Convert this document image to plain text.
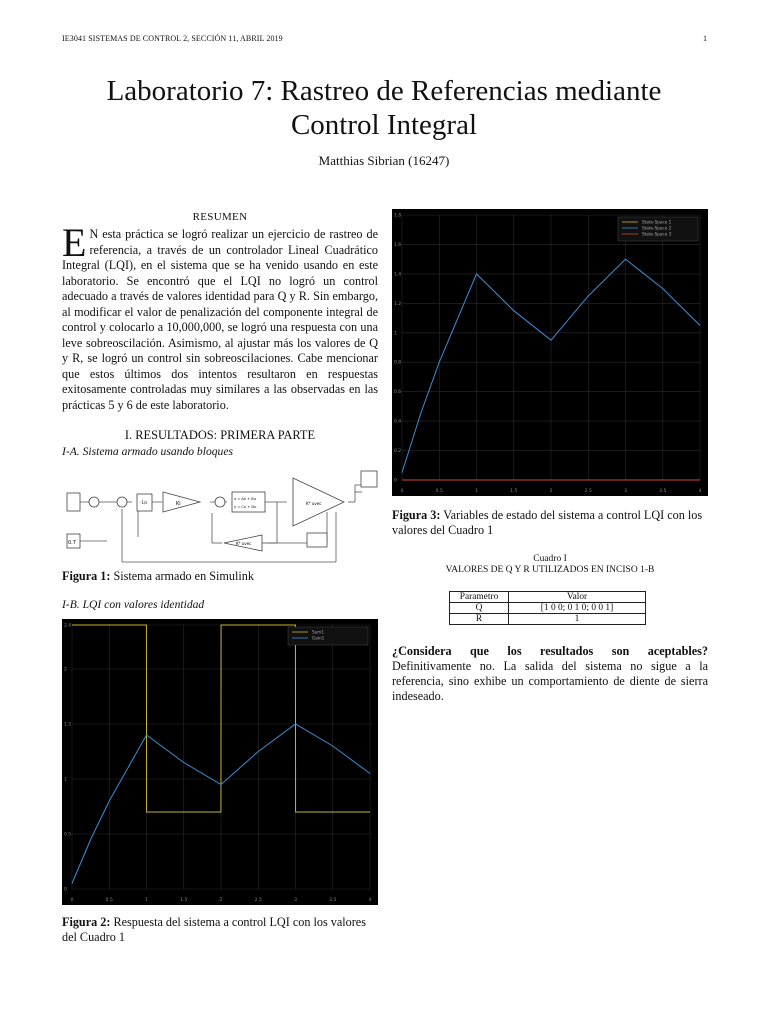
IE3041 SISTEMAS DE CONTROL 2, SECCIÓN 11, ABRIL 2019	1
Laboratorio 7: Rastreo de Referencias mediante
Control Integral
Matthias Sibrian (16247)
RESUMEN
E N esta práctica se logró realizar un ejercicio de rastreo de referencia, a través de un controlador Lineal Cuadrático Integral (LQI), en el sistema que se ha venido usando en este laboratorio. Se encontró que el LQI no logró un control adecuado a través de valores identidad para Q y R. Sin embargo, al modificar el valor de penalización del componente integral de control y colocarlo a 10,000,000, se logró una respuesta con una leve sobreoscilación. Asimismo, al ajustar más los valores de Q y R, se logró un control sin sobreoscilaciones. Cabe mencionar que estos últimos dos intentos resultaron en respuestas exitosamente controladas muy similares a las observadas en las prácticas 5 y 6 de este laboratorio.
I. RESULTADOS: PRIMERA PARTE
I-A. Sistema armado usando bloques
0.7
-1/s	Ki
x = Ax + Bu
y = Cx + Du
K* uvec
K* uvec
Figura 1: Sistema armado en Simulink
I-B. LQI con valores identidad
0	0.5	1	1.5	2	2.5	3	3.5	4
0
0.5
1
1.5
2
2.4
Sum1
Gain1
Figura 2: Respuesta del sistema a control LQI con los valores del Cuadro 1
0	0.5	1	1.5	2	2.5	3	3.5	4
0
0.2
0.4
0.6
0.8
1
1.2
1.4
1.6
1.8
State-Space 1
State-Space 2
State-Space 3
Figura 3: Variables de estado del sistema a control LQI con los valores del Cuadro 1
Cuadro I
VALORES DE Q Y R UTILIZADOS EN INCISO 1-B
Parametro	Valor
Q	[1 0 0; 0 1 0; 0 0 1]
R	1
¿Considera que los resultados son aceptables? Definitivamente no. La salida del sistema no sigue a la referencia, sino exhibe un comportamiento de diente de sierra indeseado.
